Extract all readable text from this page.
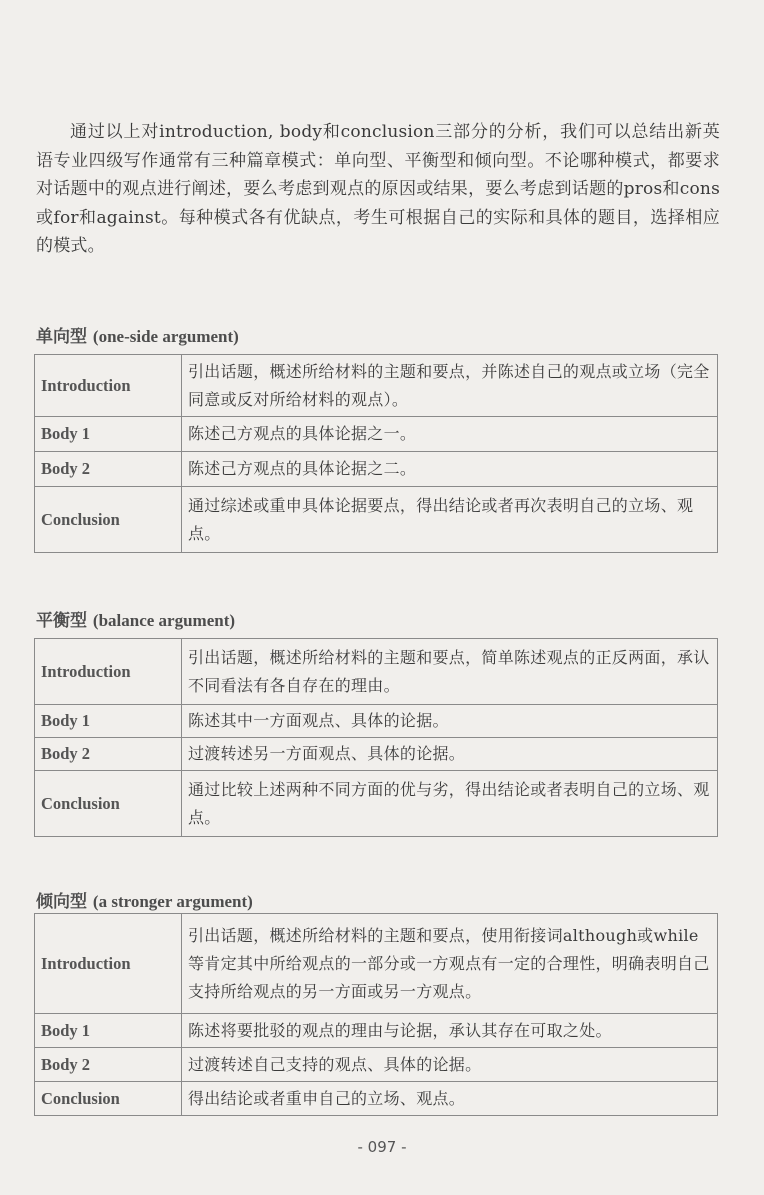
通过以上对introduction, body和conclusion三部分的分析，我们可以总结出新英语专业四级写作通常有三种篇章模式：单向型、平衡型和倾向型。不论哪种模式，都要求对话题中的观点进行阐述，要么考虑到观点的原因或结果，要么考虑到话题的pros和cons或for和against。每种模式各有优缺点，考生可根据自己的实际和具体的题目，选择相应的模式。

单向型 (one-side argument)
Introduction	引出话题，概述所给材料的主题和要点，并陈述自己的观点或立场（完全同意或反对所给材料的观点）。
Body 1	陈述己方观点的具体论据之一。
Body 2	陈述己方观点的具体论据之二。
Conclusion	通过综述或重申具体论据要点，得出结论或者再次表明自己的立场、观点。
平衡型 (balance argument)
Introduction	引出话题，概述所给材料的主题和要点，简单陈述观点的正反两面，承认不同看法有各自存在的理由。
Body 1	陈述其中一方面观点、具体的论据。
Body 2	过渡转述另一方面观点、具体的论据。
Conclusion	通过比较上述两种不同方面的优与劣，得出结论或者表明自己的立场、观点。
倾向型 (a stronger argument)
Introduction	引出话题，概述所给材料的主题和要点，使用衔接词although或while等肯定其中所给观点的一部分或一方观点有一定的合理性，明确表明自己支持所给观点的另一方面或另一方观点。
Body 1	陈述将要批驳的观点的理由与论据，承认其存在可取之处。
Body 2	过渡转述自己支持的观点、具体的论据。
Conclusion	得出结论或者重申自己的立场、观点。

- 097 -
